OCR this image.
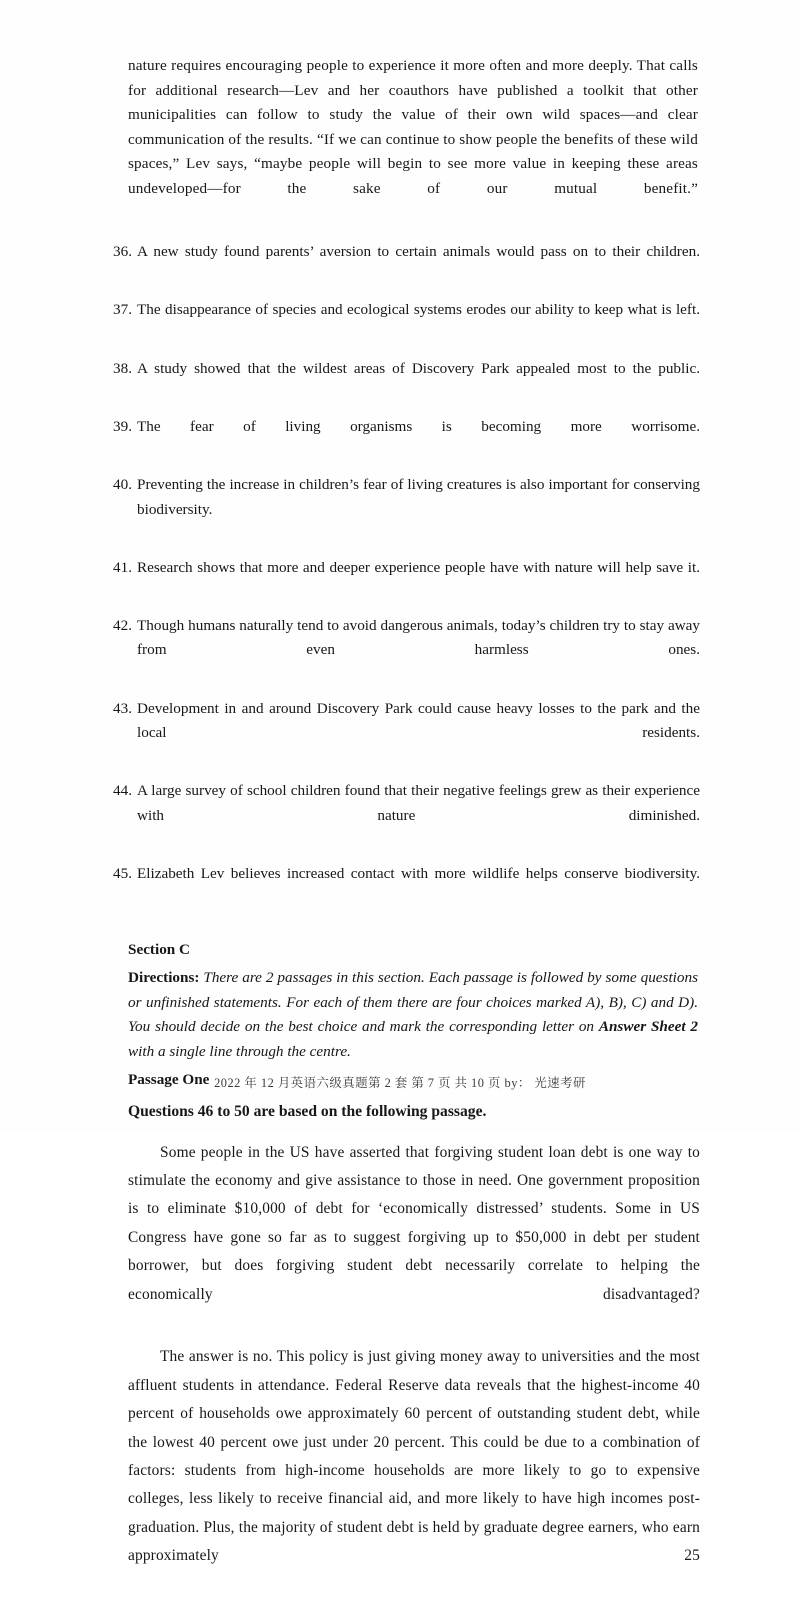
nature requires encouraging people to experience it more often and more deeply. That calls for additional research—Lev and her coauthors have published a toolkit that other municipalities can follow to study the value of their own wild spaces—and clear communication of the results. “If we can continue to show people the benefits of these wild spaces,” Lev says, “maybe people will begin to see more value in keeping these areas undeveloped—for the sake of our mutual benefit.”

36. A new study found parents’ aversion to certain animals would pass on to their children.
37. The disappearance of species and ecological systems erodes our ability to keep what is left.
38. A study showed that the wildest areas of Discovery Park appealed most to the public.
39. The fear of living organisms is becoming more worrisome.
40. Preventing the increase in children’s fear of living creatures is also important for conserving biodiversity.
41. Research shows that more and deeper experience people have with nature will help save it.
42. Though humans naturally tend to avoid dangerous animals, today’s children try to stay away from even harmless ones.
43. Development in and around Discovery Park could cause heavy losses to the park and the local residents.
44. A large survey of school children found that their negative feelings grew as their experience with nature diminished.
45. Elizabeth Lev believes increased contact with more wildlife helps conserve biodiversity.
Section C
Directions: There are 2 passages in this section. Each passage is followed by some questions or unfinished statements. For each of them there are four choices marked A), B), C) and D). You should decide on the best choice and mark the corresponding letter on Answer Sheet 2 with a single line through the centre.
Passage One
Questions 46 to 50 are based on the following passage.

Some people in the US have asserted that forgiving student loan debt is one way to stimulate the economy and give assistance to those in need. One government proposition is to eliminate $10,000 of debt for ‘economically distressed’ students. Some in US Congress have gone so far as to suggest forgiving up to $50,000 in debt per student borrower, but does forgiving student debt necessarily correlate to helping the economically disadvantaged?

The answer is no. This policy is just giving money away to universities and the most affluent students in attendance. Federal Reserve data reveals that the highest-income 40 percent of households owe approximately 60 percent of outstanding student debt, while the lowest 40 percent owe just under 20 percent. This could be due to a combination of factors: students from high-income households are more likely to go to expensive colleges, less likely to receive financial aid, and more likely to have high incomes post-graduation. Plus, the majority of student debt is held by graduate degree earners, who earn approximately 25

2022 年 12 月英语六级真题第 2 套 第 7 页 共 10 页 by： 光速考研
